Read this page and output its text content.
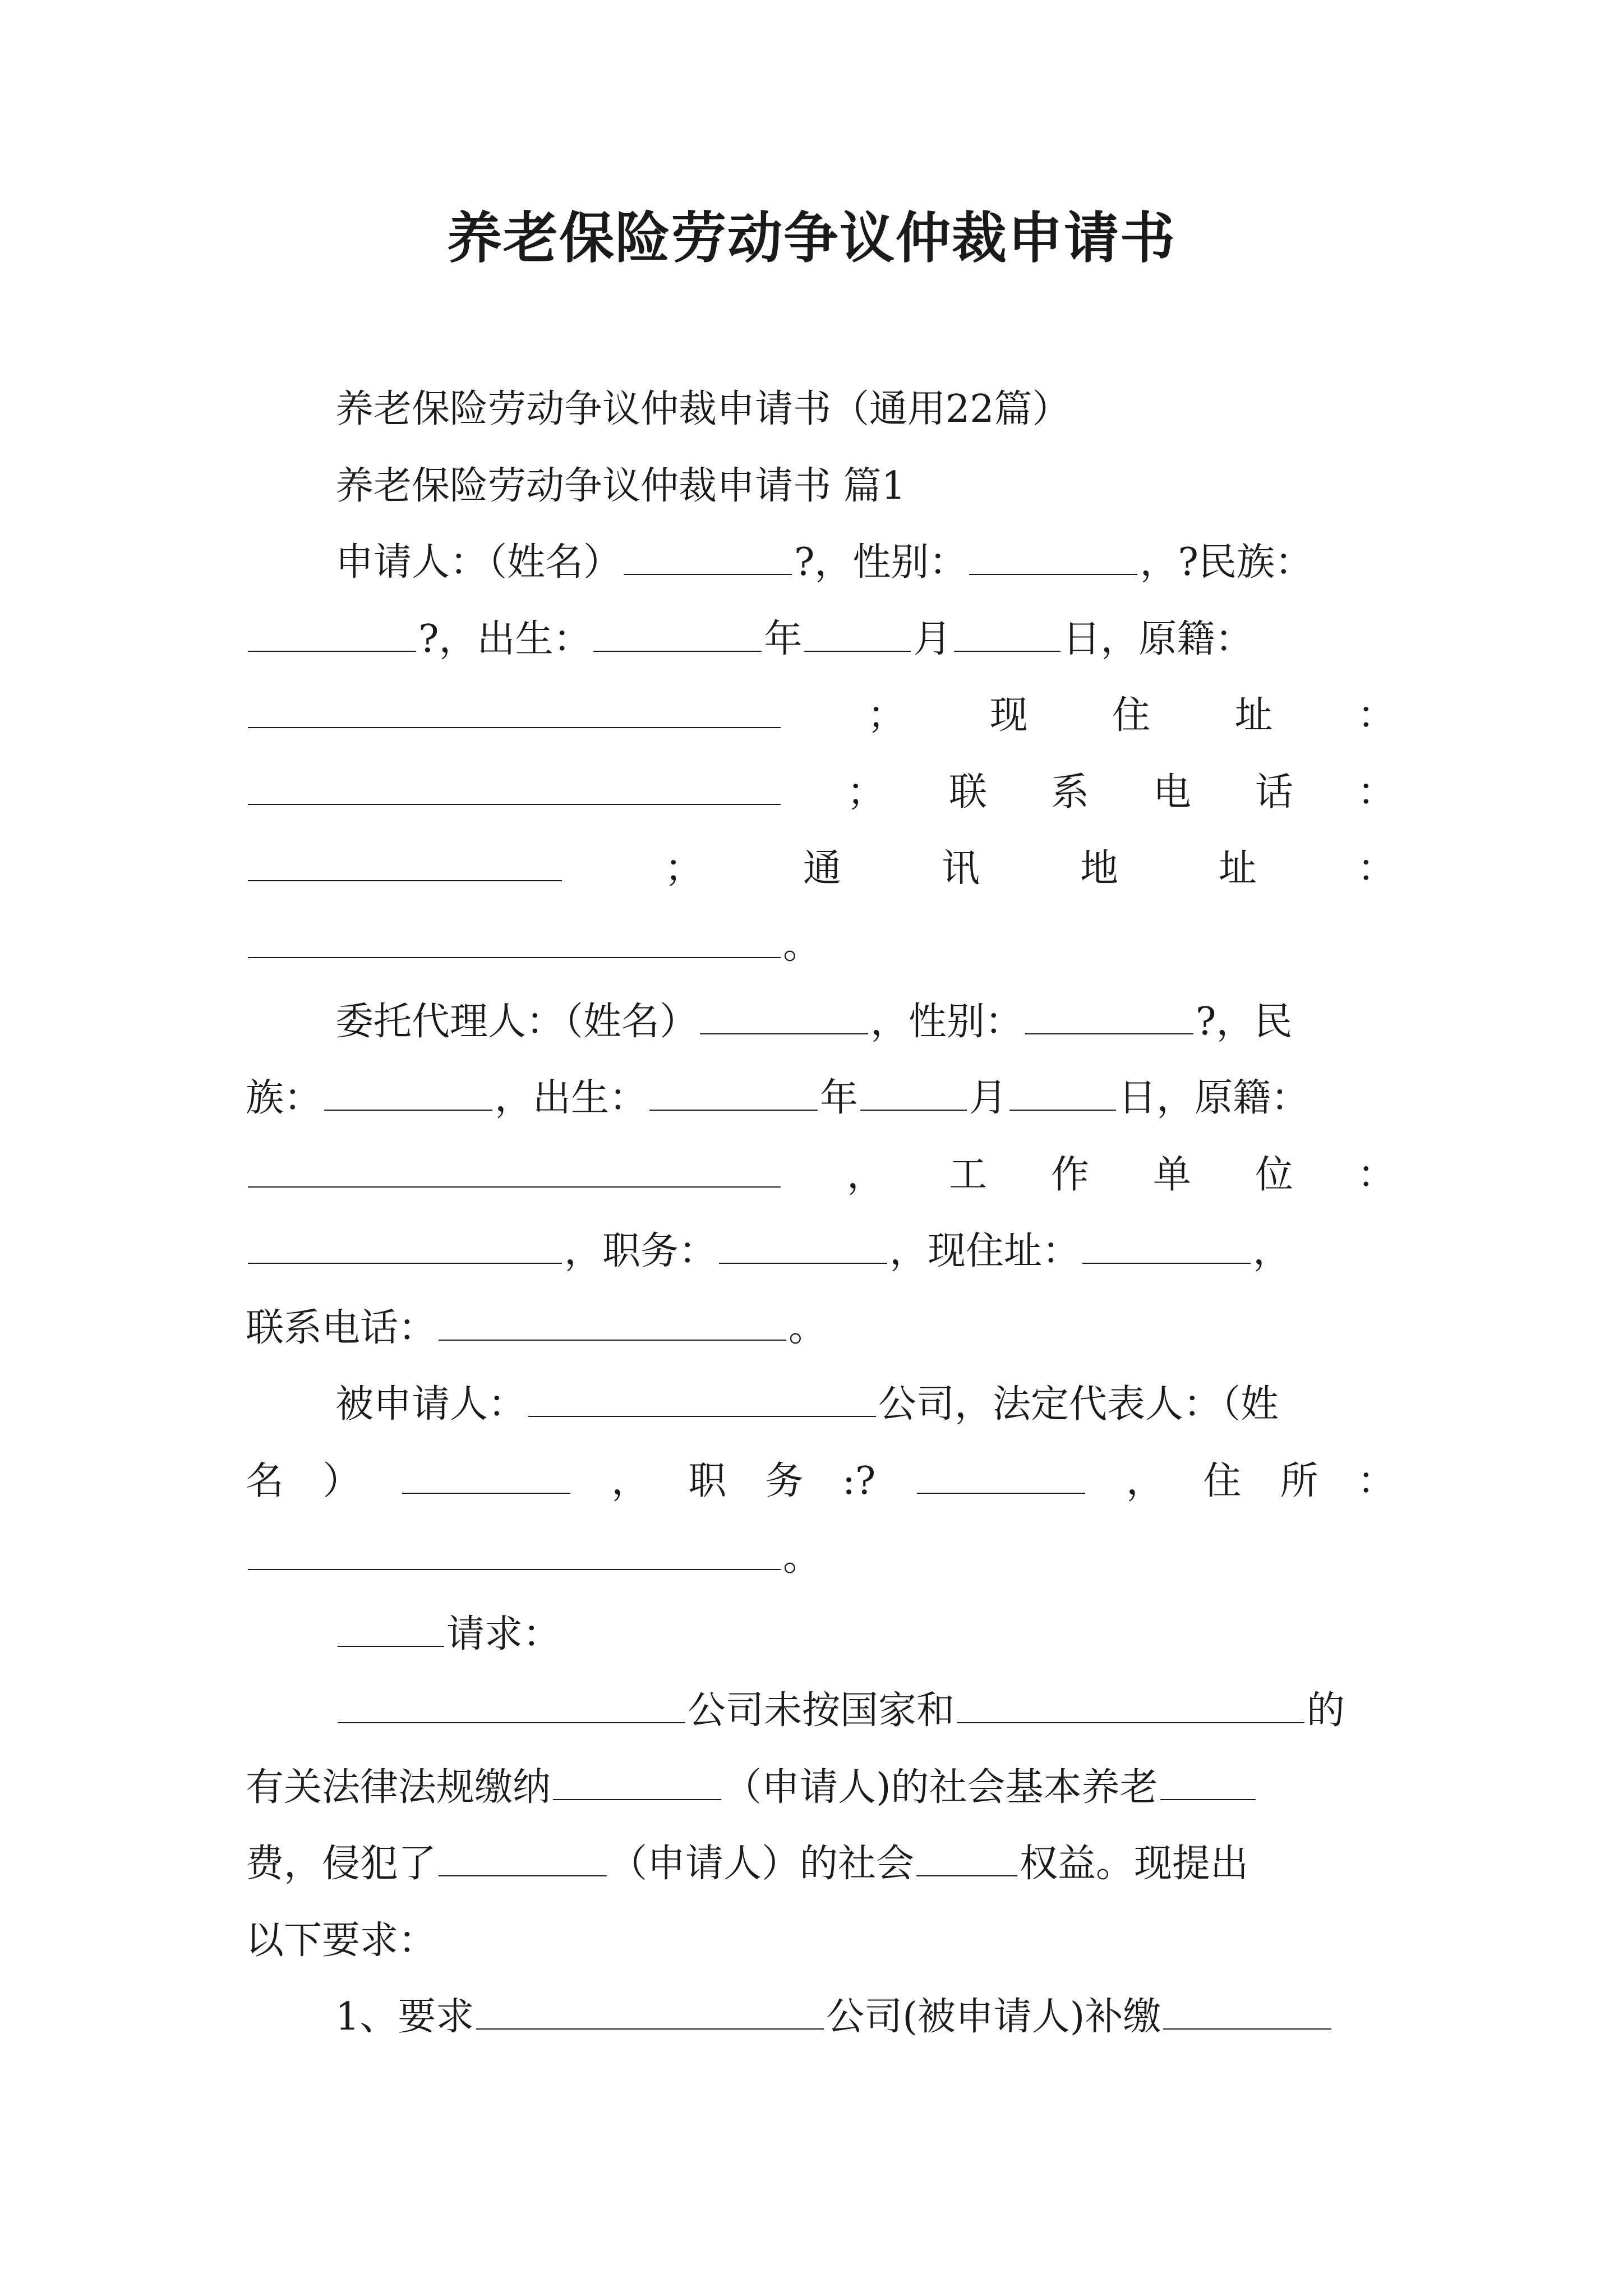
养老保险劳动争议仲裁申请书
养老保险劳动争议仲裁申请书（通用22篇）
养老保险劳动争议仲裁申请书 篇1
申请人：（姓名）	?，性别：	，?民族：
?，出生：	年	月	日，原籍：
； 现 住 址 ：
； 联 系 电 话 ：
；	通	讯	地	址	：
。
委托代理人：（姓名）	，性别：	?，民
族：	，出生：	年	月	日，原籍：
， 工 作 单 位 ：
，职务：	，现住址：	，
联系电话：	。
被申请人：	公司，法定代表人：（姓
名 ）	， 职 务 :?	， 住 所 ：
。
请求：
公司未按国家和	的
有关法律法规缴纳	（申请人)的社会基本养老
费，侵犯了	（申请人）的社会	权益。现提出
以下要求：
1、要求	公司(被申请人)补缴
